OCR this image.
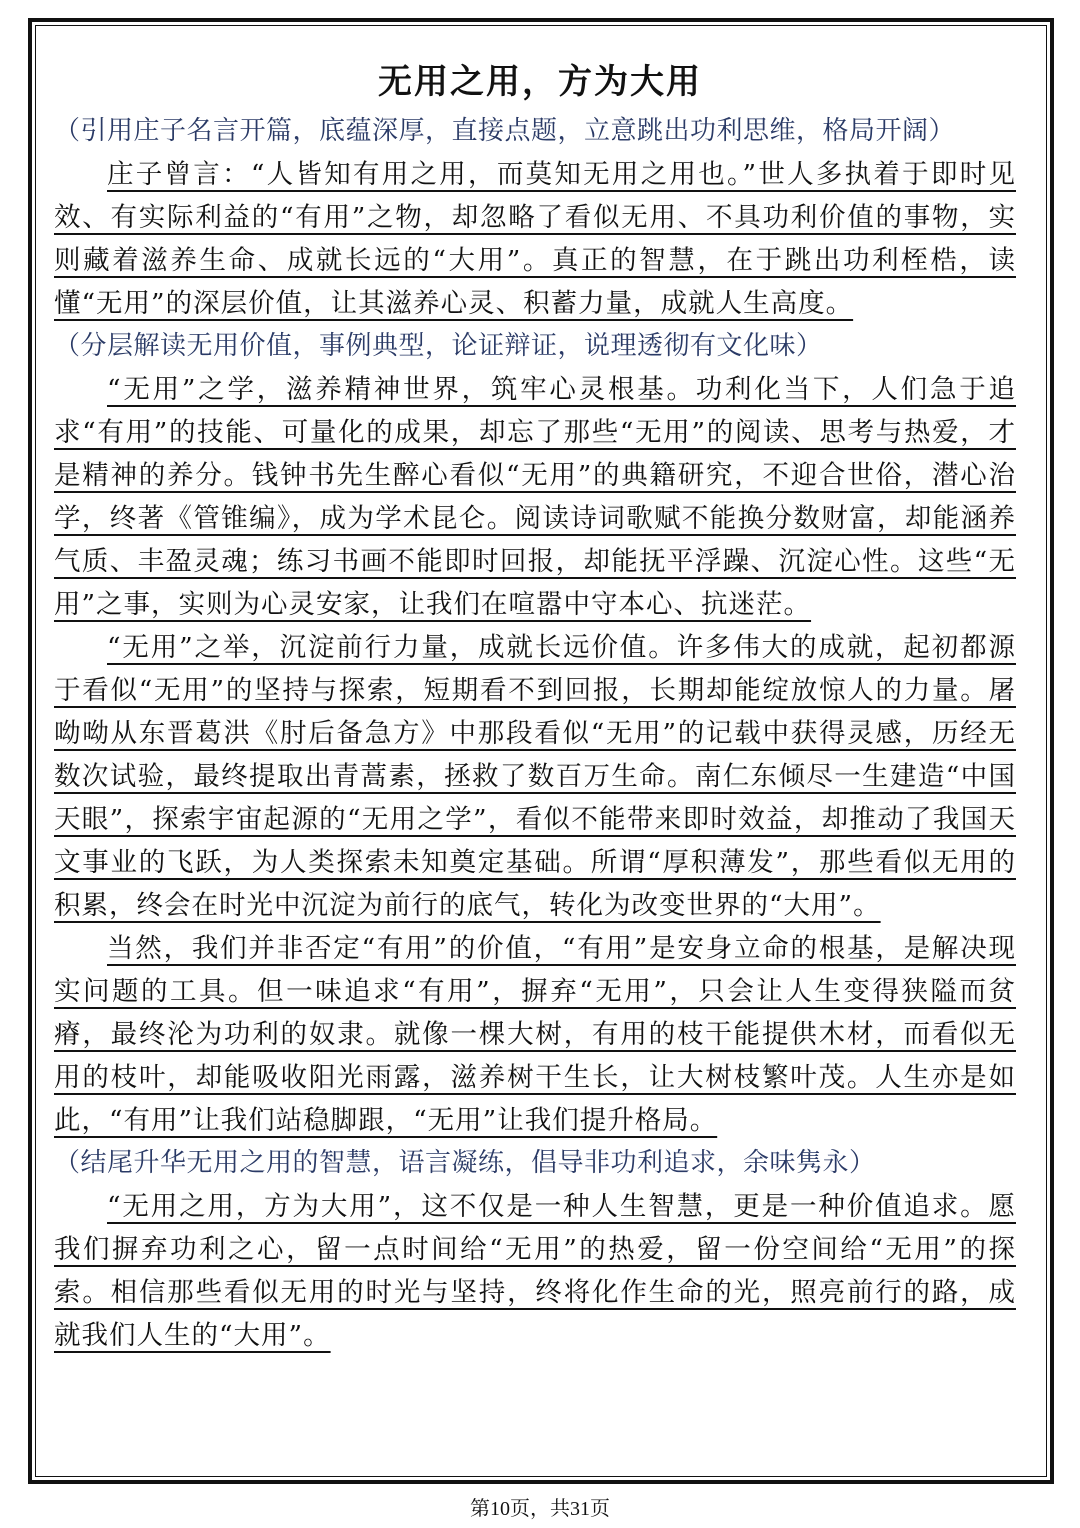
无用之用，方为大用

（引用庄子名言开篇，底蕴深厚，直接点题，立意跳出功利思维，格局开阔）

庄子曾言：“人皆知有用之用，而莫知无用之用也。”世人多执着于即时见效、有实际利益的“有用”之物，却忽略了看似无用、不具功利价值的事物，实则藏着滋养生命、成就长远的“大用”。真正的智慧，在于跳出功利桎梏，读懂“无用”的深层价值，让其滋养心灵、积蓄力量，成就人生高度。

（分层解读无用价值，事例典型，论证辩证，说理透彻有文化味）

“无用”之学，滋养精神世界，筑牢心灵根基。功利化当下，人们急于追求“有用”的技能、可量化的成果，却忘了那些“无用”的阅读、思考与热爱，才是精神的养分。钱钟书先生醉心看似“无用”的典籍研究，不迎合世俗，潜心治学，终著《管锥编》，成为学术昆仑。阅读诗词歌赋不能换分数财富，却能涵养气质、丰盈灵魂；练习书画不能即时回报，却能抚平浮躁、沉淀心性。这些“无用”之事，实则为心灵安家，让我们在喧嚣中守本心、抗迷茫。

“无用”之举，沉淀前行力量，成就长远价值。许多伟大的成就，起初都源于看似“无用”的坚持与探索，短期看不到回报，长期却能绽放惊人的力量。屠呦呦从东晋葛洪《肘后备急方》中那段看似“无用”的记载中获得灵感，历经无数次试验，最终提取出青蒿素，拯救了数百万生命。南仁东倾尽一生建造“中国天眼”，探索宇宙起源的“无用之学”，看似不能带来即时效益，却推动了我国天文事业的飞跃，为人类探索未知奠定基础。所谓“厚积薄发”，那些看似无用的积累，终会在时光中沉淀为前行的底气，转化为改变世界的“大用”。

当然，我们并非否定“有用”的价值，“有用”是安身立命的根基，是解决现实问题的工具。但一味追求“有用”，摒弃“无用”，只会让人生变得狭隘而贫瘠，最终沦为功利的奴隶。就像一棵大树，有用的枝干能提供木材，而看似无用的枝叶，却能吸收阳光雨露，滋养树干生长，让大树枝繁叶茂。人生亦是如此，“有用”让我们站稳脚跟，“无用”让我们提升格局。

（结尾升华无用之用的智慧，语言凝练，倡导非功利追求，余味隽永）

“无用之用，方为大用”，这不仅是一种人生智慧，更是一种价值追求。愿我们摒弃功利之心，留一点时间给“无用”的热爱，留一份空间给“无用”的探索。相信那些看似无用的时光与坚持，终将化作生命的光，照亮前行的路，成就我们人生的“大用”。

第10页，共31页
